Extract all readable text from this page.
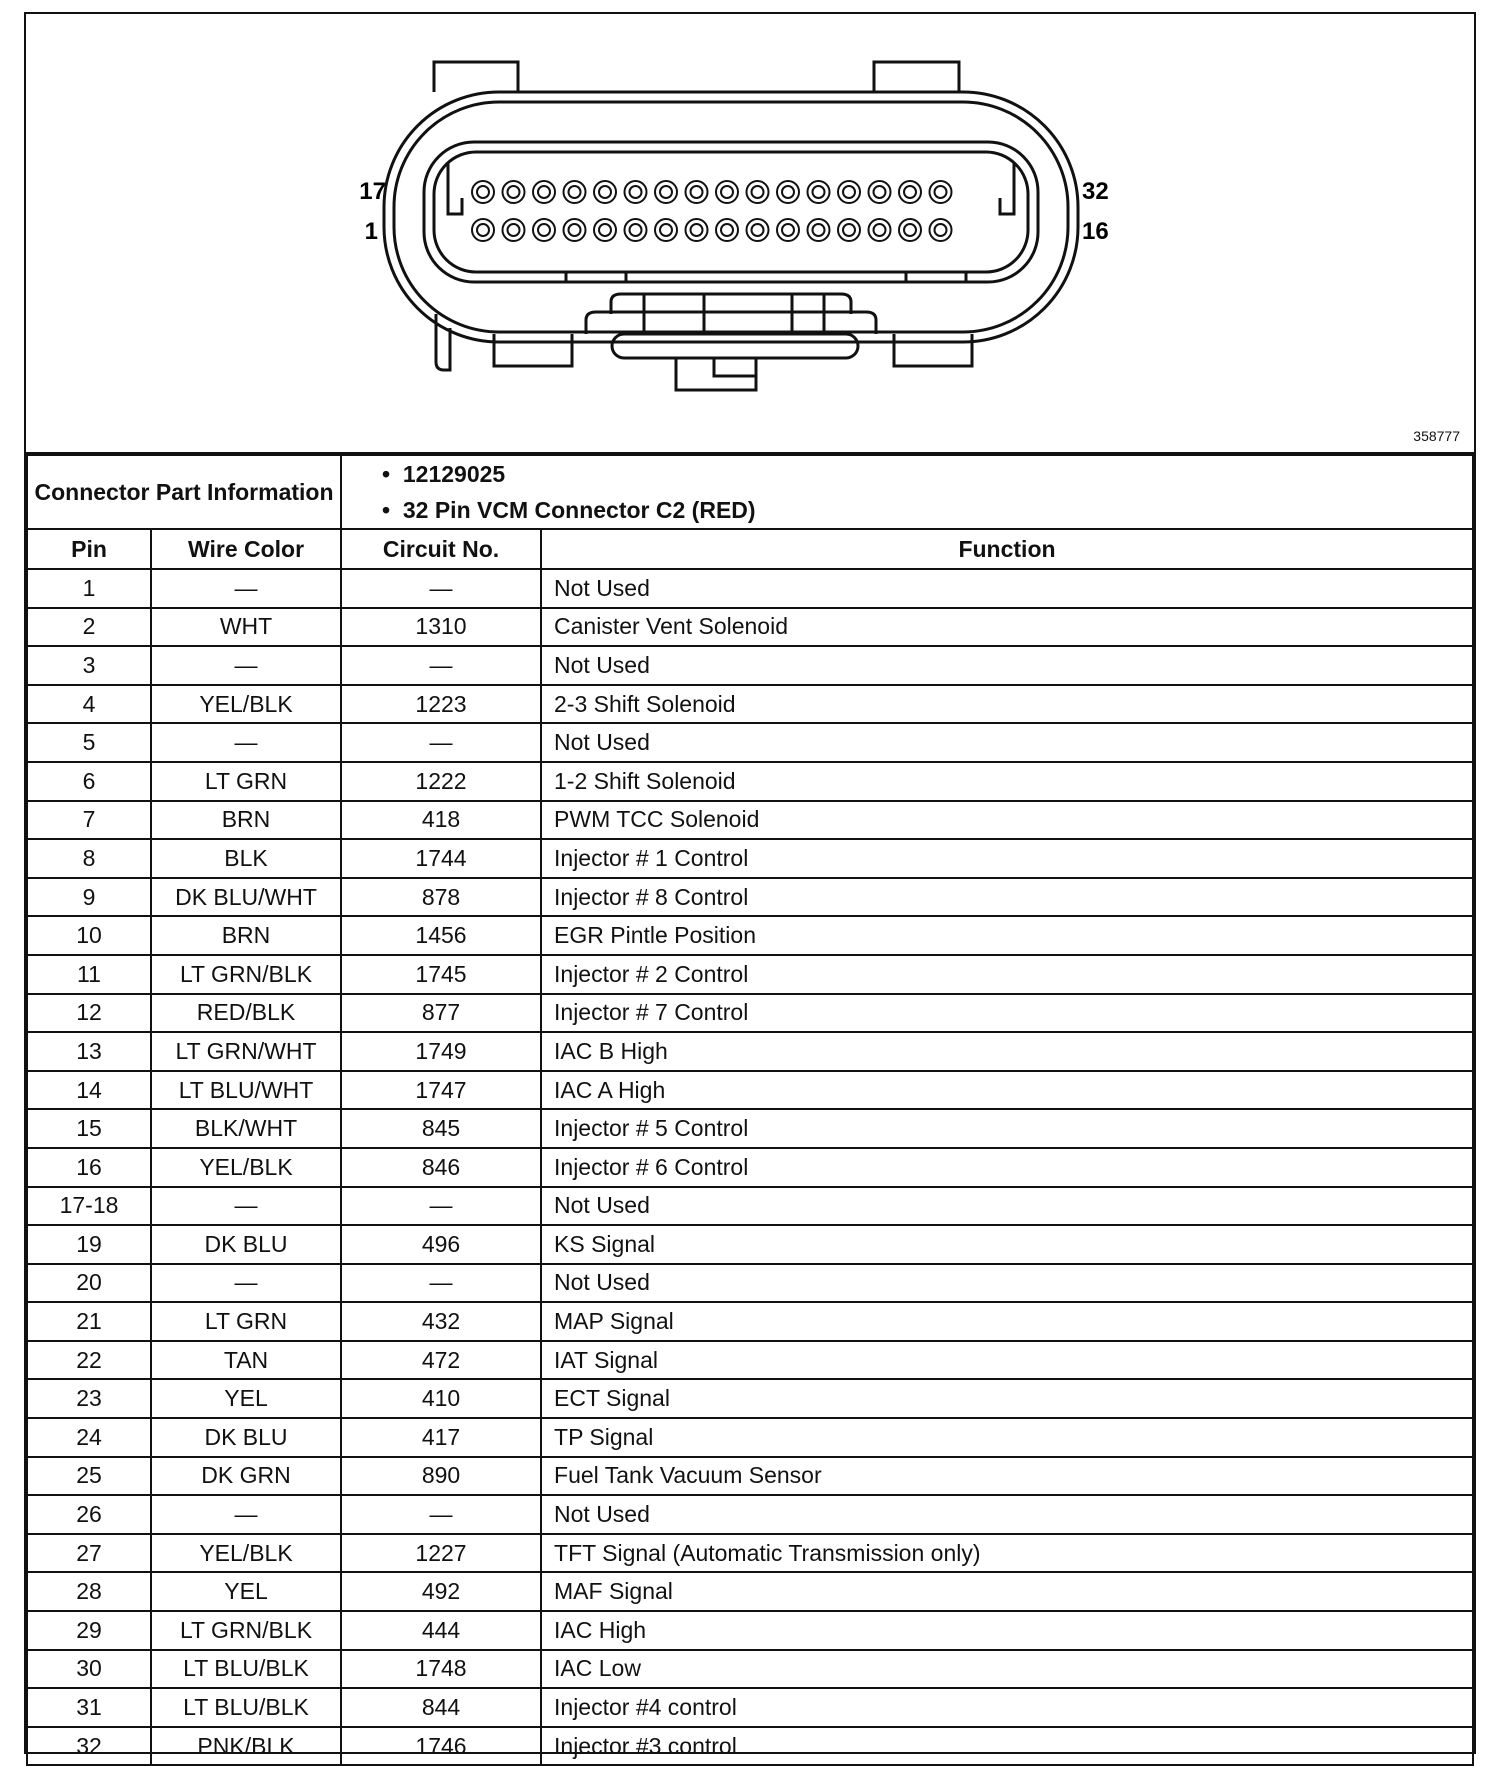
17
1
32
16
358777
Connector Part Information		• 12129025
• 32 Pin VCM Connector C2 (RED)	

Pin	Wire Color	Circuit No.	Function
1	—	—	Not Used
2	WHT	1310	Canister Vent Solenoid
3	—	—	Not Used
4	YEL/BLK	1223	2-3 Shift Solenoid
5	—	—	Not Used
6	LT GRN	1222	1-2 Shift Solenoid
7	BRN	418	PWM TCC Solenoid
8	BLK	1744	Injector # 1 Control
9	DK BLU/WHT	878	Injector # 8 Control
10	BRN	1456	EGR Pintle Position
11	LT GRN/BLK	1745	Injector # 2 Control
12	RED/BLK	877	Injector # 7 Control
13	LT GRN/WHT	1749	IAC B High
14	LT BLU/WHT	1747	IAC A High
15	BLK/WHT	845	Injector # 5 Control
16	YEL/BLK	846	Injector # 6 Control
17-18	—	—	Not Used
19	DK BLU	496	KS Signal
20	—	—	Not Used
21	LT GRN	432	MAP Signal
22	TAN	472	IAT Signal
23	YEL	410	ECT Signal
24	DK BLU	417	TP Signal
25	DK GRN	890	Fuel Tank Vacuum Sensor
26	—	—	Not Used
27	YEL/BLK	1227	TFT Signal (Automatic Transmission only)
28	YEL	492	MAF Signal
29	LT GRN/BLK	444	IAC High
30	LT BLU/BLK	1748	IAC Low
31	LT BLU/BLK	844	Injector #4 control
32	PNK/BLK	1746	Injector #3 control
